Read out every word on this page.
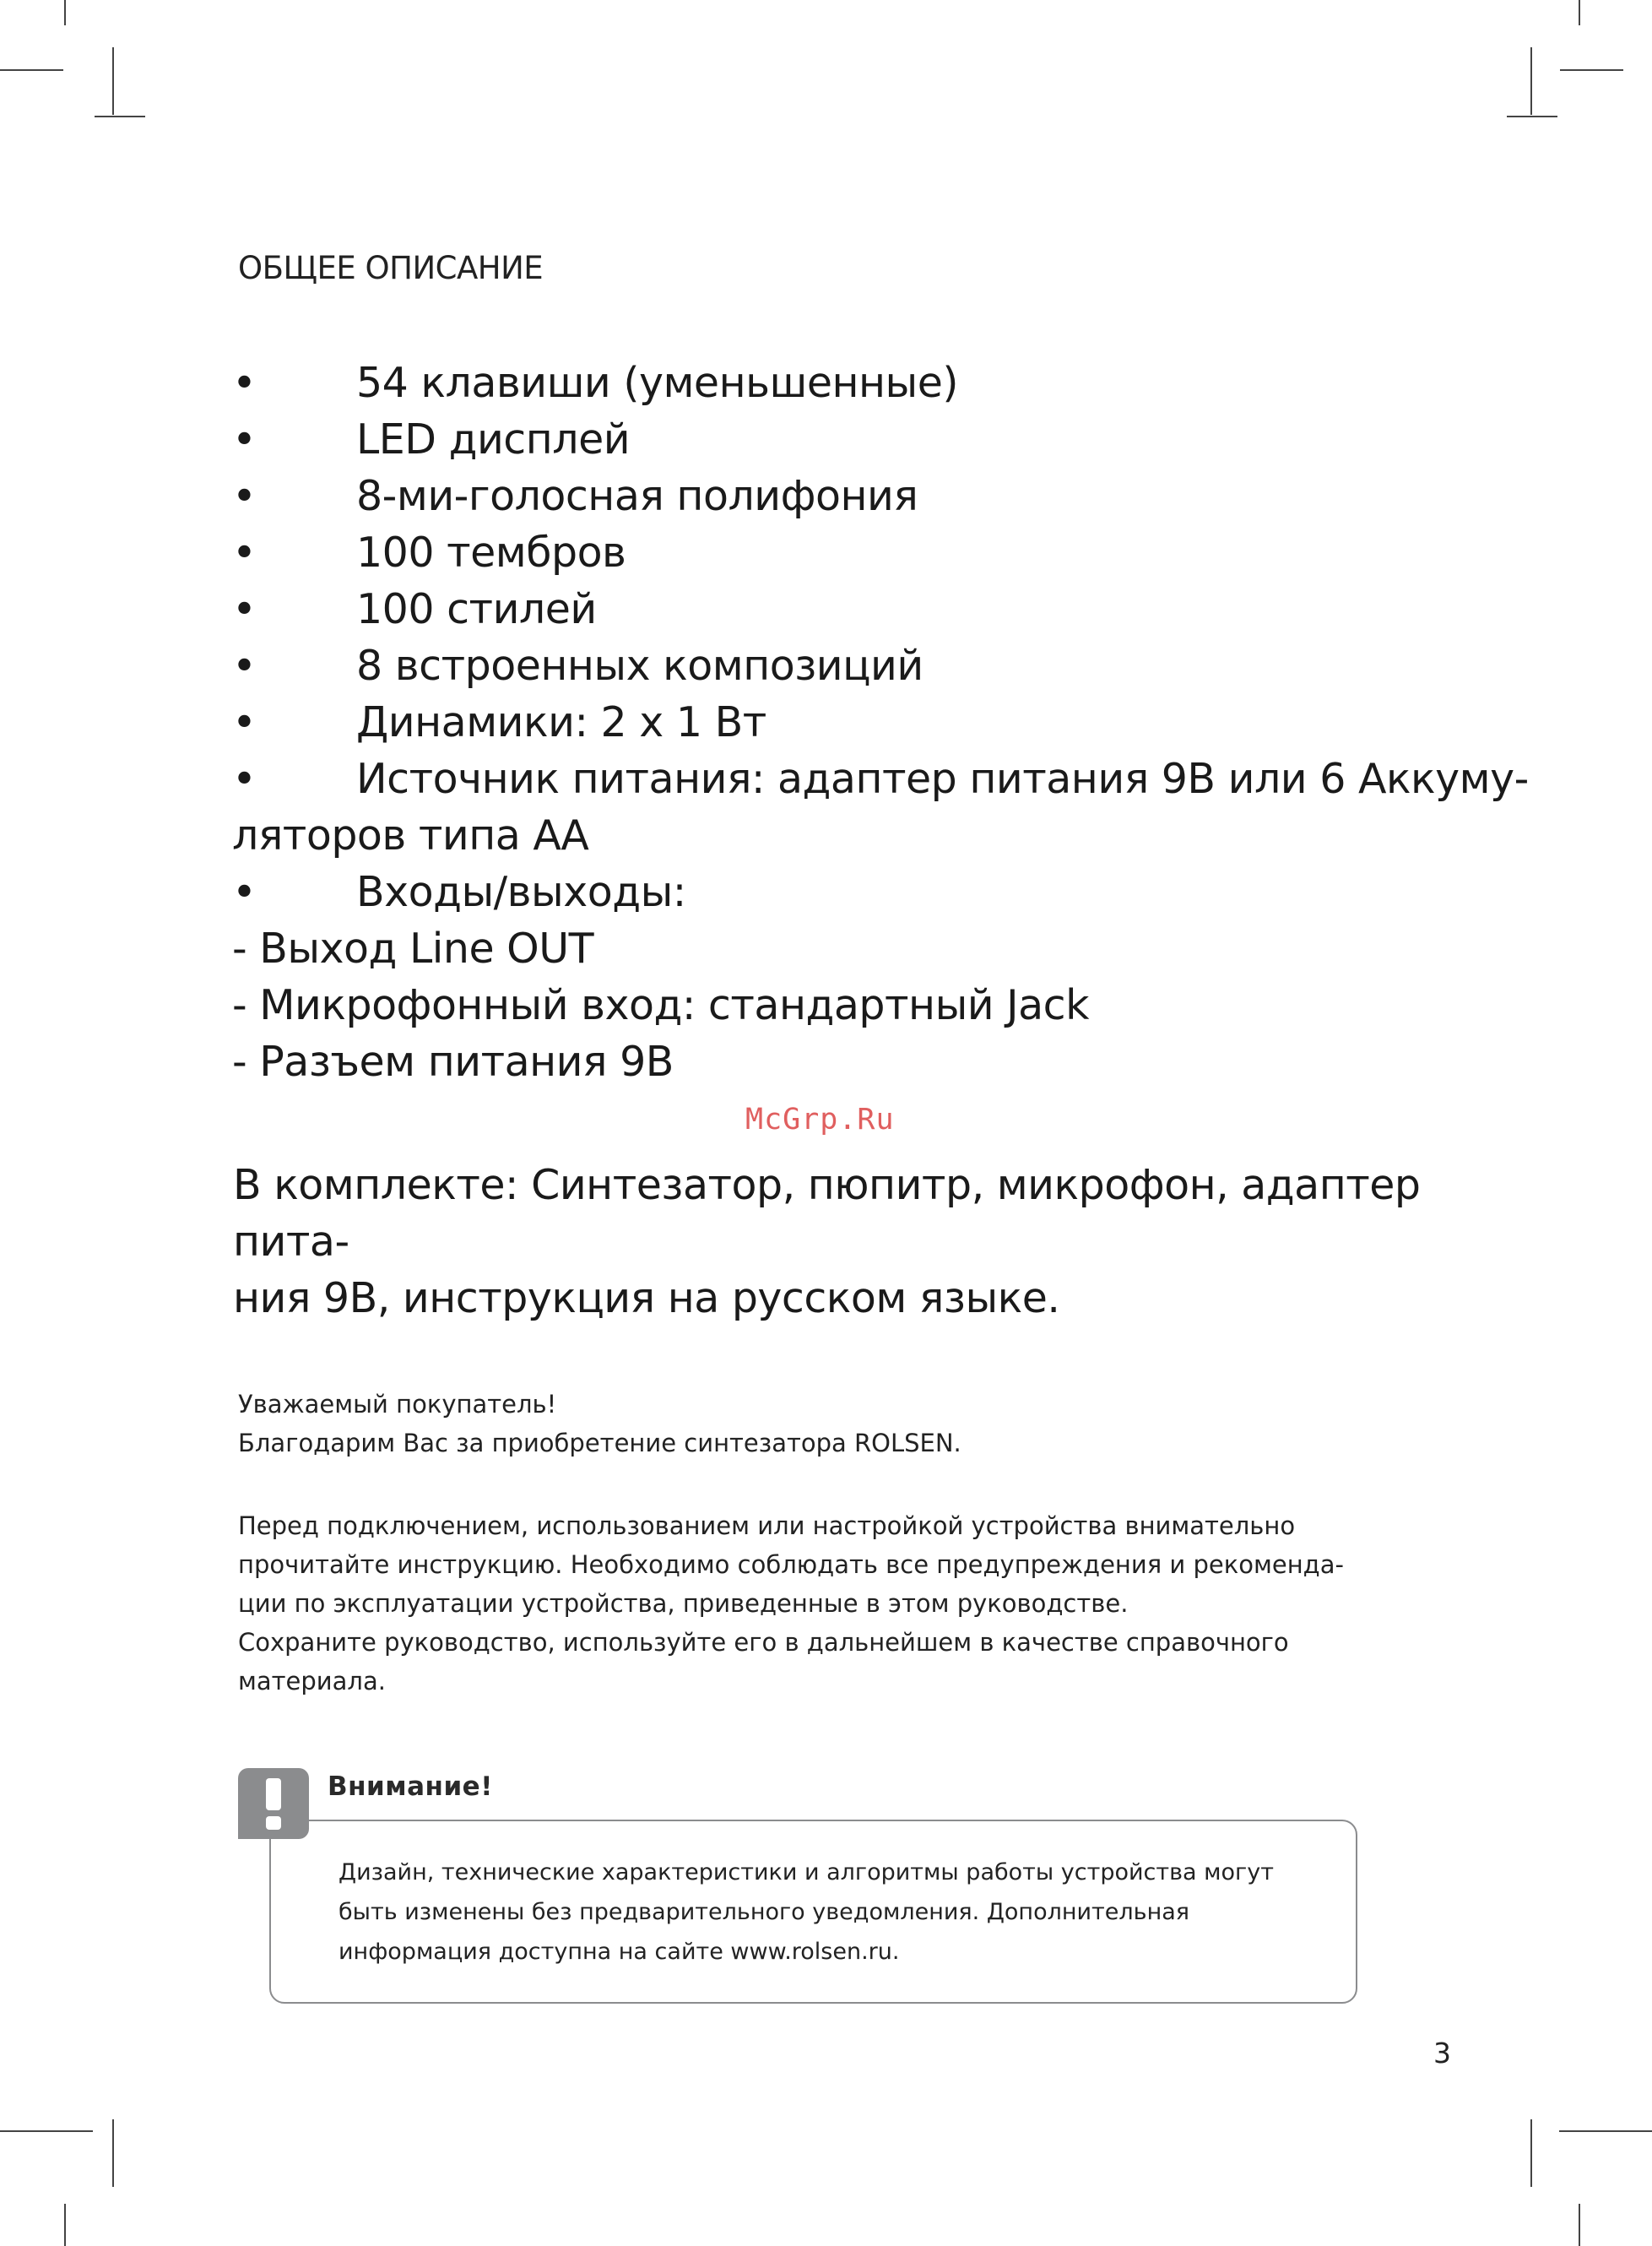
ОБЩЕЕ ОПИСАНИЕ
• 54 клавиши (уменьшенные)
• LED дисплей
• 8-ми-голосная полифония
• 100 тембров
• 100 стилей
• 8 встроенных композиций
• Динамики: 2 х 1 Вт
• Источник питания: адаптер питания 9В или 6 Аккуму-
ляторов типа АА
• Входы/выходы:
- Выход Line OUT
- Микрофонный вход: стандартный Jack
- Разъем питания 9В
McGrp.Ru
В комплекте: Синтезатор, пюпитр, микрофон, адаптер пита-
ния 9В, инструкция на русском языке.

Уважаемый покупатель!

Благодарим Вас за приобретение синтезатора ROLSEN.

Перед подключением, использованием или настройкой устройства внимательно

прочитайте инструкцию. Необходимо соблюдать все предупреждения и рекоменда-

ции по эксплуатации устройства, приведенные в этом руководстве.

Сохраните руководство, используйте его в дальнейшем в качестве справочного

материала.

Внимание!

Дизайн, технические характеристики и алгоритмы работы устройства могут

быть изменены без предварительного уведомления. Дополнительная

информация доступна на сайте www.rolsen.ru.

3
